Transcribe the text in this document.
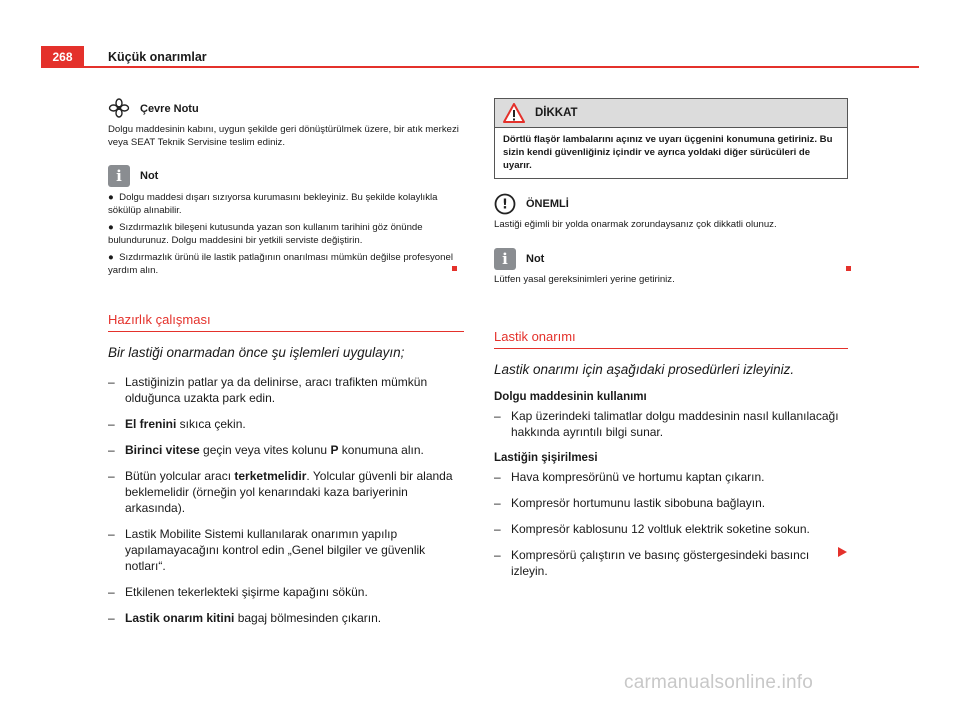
268	Küçük onarımlar
Çevre Notu
Dolgu maddesinin kabını, uygun şekilde geri dönüştürülmek üzere, bir atık merkezi veya SEAT Teknik Servisine teslim ediniz.
i	Not
● Dolgu maddesi dışarı sızıyorsa kurumasını bekleyiniz. Bu şekilde kolaylıkla sökülüp alınabilir.
● Sızdırmazlık bileşeni kutusunda yazan son kullanım tarihini göz önünde bulundurunuz. Dolgu maddesini bir yetkili serviste değiştirin.
● Sızdırmazlık ürünü ile lastik patlağının onarılması mümkün değilse profesyonel yardım alın.
Hazırlık çalışması
Bir lastiği onarmadan önce şu işlemleri uygulayın;
– Lastiğinizin patlar ya da delinirse, aracı trafikten mümkün olduğunca uzakta park edin.
– El frenini sıkıca çekin.
– Birinci vitese geçin veya vites kolunu P konumuna alın.
– Bütün yolcular aracı terketmelidir. Yolcular güvenli bir alanda beklemelidir (örneğin yol kenarındaki kaza bariyerinin arkasında).
– Lastik Mobilite Sistemi kullanılarak onarımın yapılıp yapılamayacağını kontrol edin „Genel bilgiler ve güvenlik notları“.
– Etkilenen tekerlekteki şişirme kapağını sökün.
– Lastik onarım kitini bagaj bölmesinden çıkarın.
DİKKAT
Dörtlü flaşör lambalarını açınız ve uyarı üçgenini konumuna getiriniz. Bu sizin kendi güvenliğiniz içindir ve ayrıca yoldaki diğer sürücüleri de uyarır.
! ÖNEMLİ
Lastiği eğimli bir yolda onarmak zorundaysanız çok dikkatli olunuz.
i	Not
Lütfen yasal gereksinimleri yerine getiriniz.
Lastik onarımı
Lastik onarımı için aşağıdaki prosedürleri izleyiniz.
Dolgu maddesinin kullanımı
– Kap üzerindeki talimatlar dolgu maddesinin nasıl kullanılacağı hakkında ayrıntılı bilgi sunar.
Lastiğin şişirilmesi
– Hava kompresörünü ve hortumu kaptan çıkarın.
– Kompresör hortumunu lastik sibobuna bağlayın.
– Kompresör kablosunu 12 voltluk elektrik soketine sokun.
– Kompresörü çalıştırın ve basınç göstergesindeki basıncı izleyin.
carmanualsonline.info
